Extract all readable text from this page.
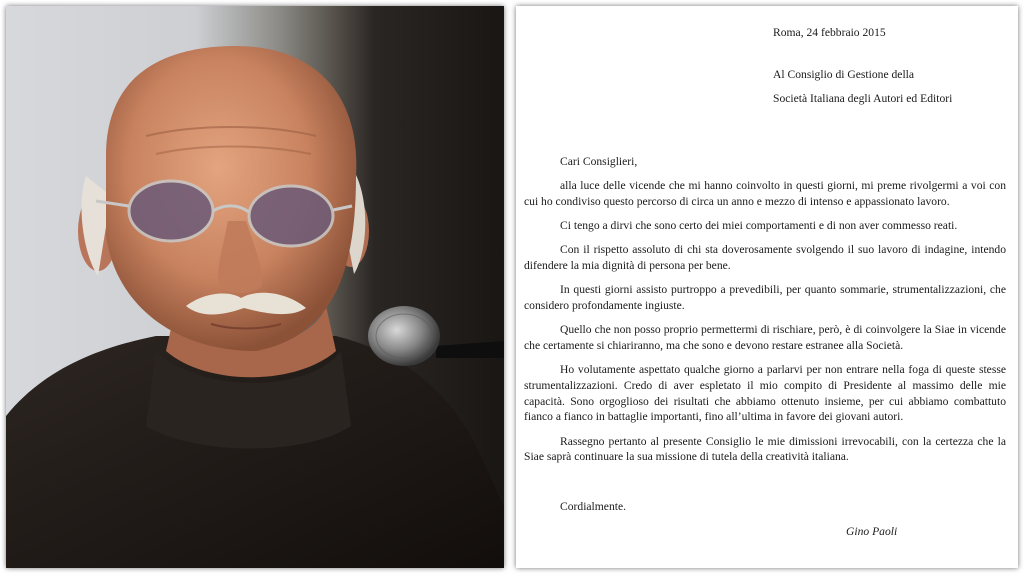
Roma, 24 febbraio 2015
Al Consiglio di Gestione della
Società Italiana degli Autori ed Editori
Cari Consiglieri,

alla luce delle vicende che mi hanno coinvolto in questi giorni, mi preme rivolgermi a voi con cui ho condiviso questo percorso di circa un anno e mezzo di intenso e appassionato lavoro.

Ci tengo a dirvi che sono certo dei miei comportamenti e di non aver commesso reati.

Con il rispetto assoluto di chi sta doverosamente svolgendo il suo lavoro di indagine, intendo difendere la mia dignità di persona per bene.

In questi giorni assisto purtroppo a prevedibili, per quanto sommarie, strumentalizzazioni, che considero profondamente ingiuste.

Quello che non posso proprio permettermi di rischiare, però, è di coinvolgere la Siae in vicende che certamente si chiariranno, ma che sono e devono restare estranee alla Società.

Ho volutamente aspettato qualche giorno a parlarvi per non entrare nella foga di queste stesse strumentalizzazioni. Credo di aver espletato il mio compito di Presidente al massimo delle mie capacità. Sono orgoglioso dei risultati che abbiamo ottenuto insieme, per cui abbiamo combattuto fianco a fianco in battaglie importanti, fino all’ultima in favore dei giovani autori.

Rassegno pertanto al presente Consiglio le mie dimissioni irrevocabili, con la certezza che la Siae saprà continuare la sua missione di tutela della creatività italiana.

Cordialmente.
Gino Paoli
